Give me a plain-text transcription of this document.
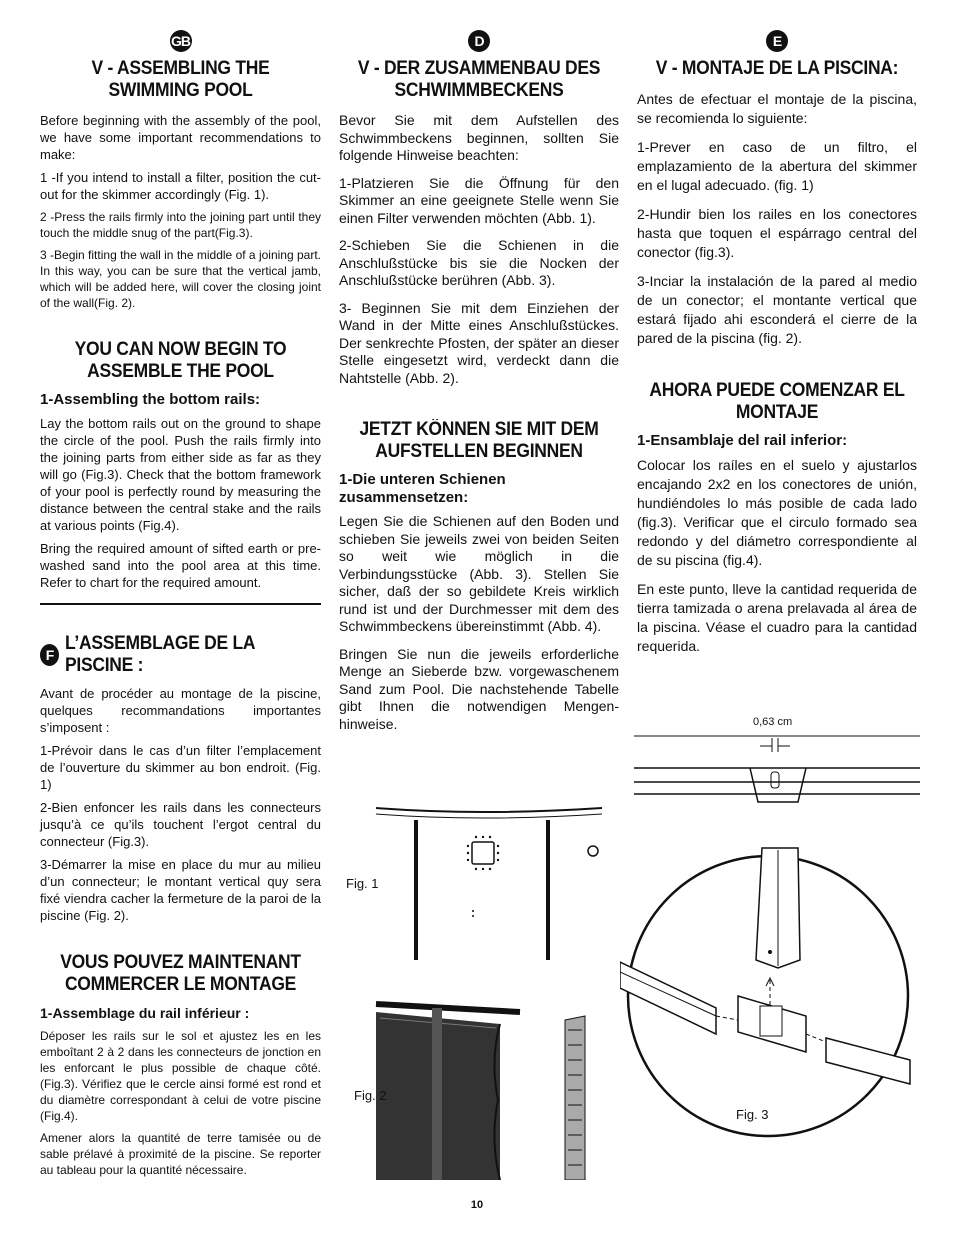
GB
V - ASSEMBLING THE SWIMMING POOL

Before beginning with the assembly of the pool, we have some important recommendations to make:

1 -If you intend to install a filter, position the cut-out for the skimmer accordingly (Fig. 1).

2 -Press the rails firmly into the joining part until they touch the middle snug of the part(Fig.3).

3 -Begin fitting the wall in the middle of a joining part. In this way, you can be sure that the vertical jamb, which will be added here, will cover the closing joint of the wall(Fig. 2).

YOU CAN NOW BEGIN TO ASSEMBLE THE POOL
1-Assembling the bottom rails:

Lay the bottom rails out on the ground to shape the circle of the pool. Push the rails firmly into the joining parts from either side as far as they will go (Fig.3). Check that the bottom framework of your pool is perfectly round by measuring the distance between the central stake and the rails at various points (Fig.4).

Bring the required amount of sifted earth or pre-washed sand into the pool area at this time. Refer to chart for the required amount.

F
L’ASSEMBLAGE DE LA PISCINE :

Avant de procéder au montage de la piscine, quelques recommandations importantes s’imposent :

1-Prévoir dans le cas d’un filter l’emplacement de l’ouverture du skimmer au bon endroit. (Fig. 1)

2-Bien enfoncer les rails dans les connecteurs jusqu’à ce qu’ils touchent l’ergot central du connecteur (Fig.3).

3-Démarrer la mise en place du mur au milieu d’un connecteur; le montant vertical quy sera fixé viendra cacher la fermeture de la paroi de la piscine (Fig. 2).

VOUS POUVEZ MAINTENANT COMMERCER LE MONTAGE
1-Assemblage du rail inférieur :

Déposer les rails sur le sol et ajustez les en les emboîtant 2 à 2 dans les connecteurs de jonction en les enforcant le plus possible de chaque côté. (Fig.3). Vérifiez que le cercle ainsi formé est rond et du diamètre correspondant à celui de votre piscine (Fig.4).

Amener alors la quantité de terre tamisée ou de sable prélavé à proximité de la piscine. Se reporter au tableau pour la quantité nécessaire.

D
V - DER ZUSAMMENBAU DES SCHWIMMBECKENS

Bevor Sie mit dem Aufstellen des Schwimmbeckens beginnen, sollten Sie folgende Hinweise beachten:

1-Platzieren Sie die Öffnung für den Skimmer an eine geeignete Stelle wenn Sie einen Filter verwenden möchten (Abb. 1).

2-Schieben Sie die Schienen in die Anschlußstücke bis sie die Nocken der Anschlußstücke berühren (Abb. 3).

3- Beginnen Sie mit dem Einziehen der Wand in der Mitte eines Anschlußstückes. Der senkrechte Pfosten, der später an dieser Stelle eingesetzt wird, verdeckt dann die Nahtstelle (Abb. 2).

JETZT KÖNNEN SIE MIT DEM AUFSTELLEN BEGINNEN
1-Die unteren Schienen zusammensetzen:

Legen Sie die Schienen auf den Boden und schieben Sie jeweils zwei von beiden Seiten so weit wie möglich in die Verbindungsstücke (Abb. 3). Stellen Sie sicher, daß der so gebildete Kreis wirklich rund ist und der Durchmesser mit dem des Schwimmbeckens übereinstimmt (Abb. 4).

Bringen Sie nun die jeweils erforderliche Menge an Sieberde bzw. vorgewaschenem Sand zum Pool. Die nachstehende Tabelle gibt Ihnen die notwendigen Mengen-hinweise.

E
V - MONTAJE DE LA PISCINA:

Antes de efectuar el montaje de la piscina, se recomienda lo siguiente:

1-Prever en caso de un filtro, el emplazamiento de la abertura del skimmer en el lugal adecuado. (fig. 1)

2-Hundir bien los railes en los conectores hasta que toquen el espárrago central del conector (fig.3).

3-Inciar la instalación de la pared al medio de un conector; el montante vertical que estará fijado ahi esconderá el cierre de la pared de la piscina (fig. 2).

AHORA PUEDE COMENZAR EL MONTAJE
1-Ensamblaje del rail inferior:

Colocar los raíles en el suelo y ajustarlos encajando 2x2 en los conectores de unión, hundiéndoles lo más posible de cada lado (fig.3). Verificar que el circulo formado sea redondo y del diámetro correspondiente al de su piscina (fig.4).

En este punto, lleve la cantidad requerida de tierra tamizada o arena prelavada al área de la piscina. Véase el cuadro para la cantidad requerida.

Fig. 1
Fig. 2
0,63 cm
Fig. 3
10
